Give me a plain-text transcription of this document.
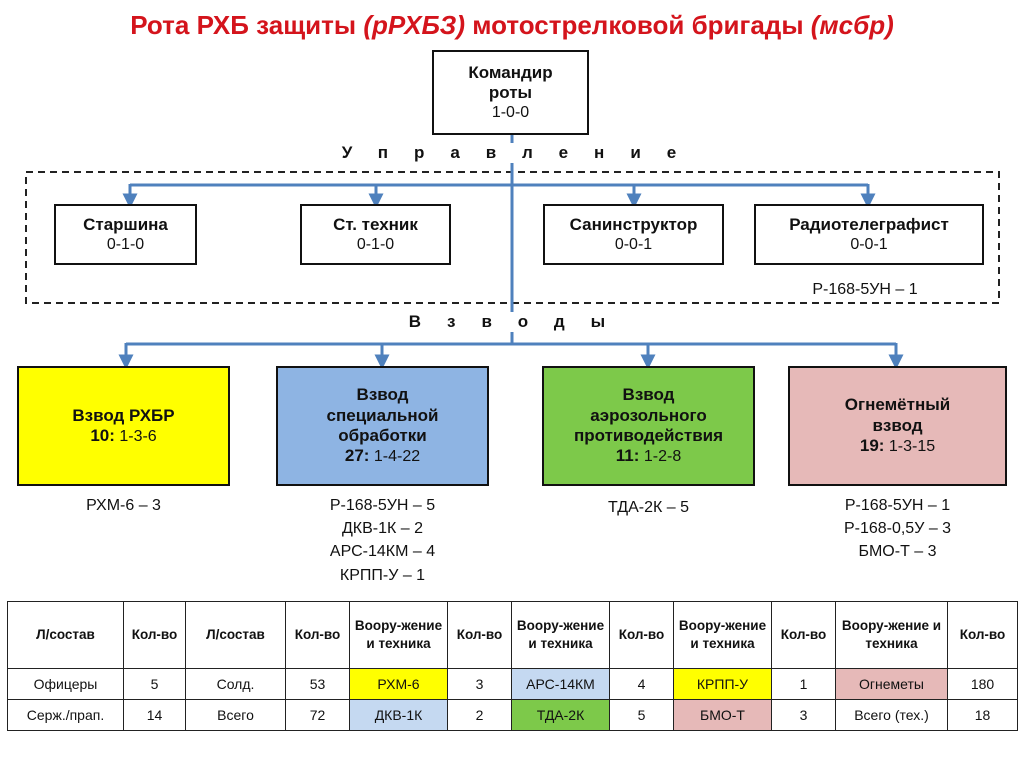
Рота РХБ защиты (рРХБЗ) мотострелковой бригады (мсбр)
Командир
роты
1-0-0
Управление
Старшина
0-1-0
Ст. техник
0-1-0
Санинструктор
0-0-1
Радиотелеграфист
0-0-1
Р-168-5УН – 1
Взводы
Взвод РХБР
10: 1-3-6
Взвод
специальной
обработки
27: 1-4-22
Взвод
аэрозольного
противодействия
11: 1-2-8
Огнемётный
взвод
19: 1-3-15
РХМ-6 – 3	Р-168-5УН – 5
ДКВ-1К – 2
АРС-14КМ – 4
КРПП-У – 1
ТДА-2К – 5	Р-168-5УН – 1
Р-168-0,5У – 3
БМО-Т – 3
Л/состав	Кол-во	Л/состав	Кол-во	Воору-жение и техника	Кол-во	Воору-жение и техника	Кол-во	Воору-жение и техника	Кол-во	Воору-жение и техника	Кол-во
Офицеры	5	Солд.	53	РХМ-6	3	АРС-14КМ	4	КРПП-У	1	Огнеметы	180
Серж./прап.	14	Всего	72	ДКВ-1К	2	ТДА-2К	5	БМО-Т	3	Всего (тех.)	18
